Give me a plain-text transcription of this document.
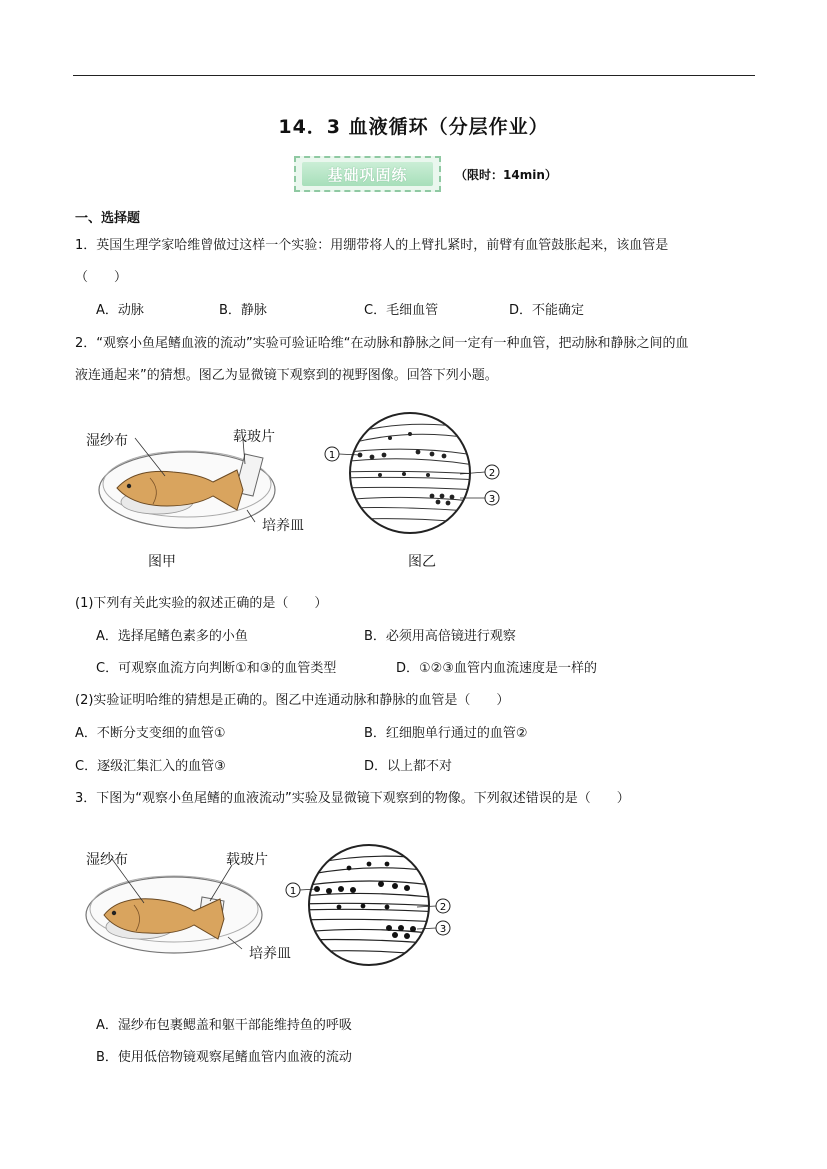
14．3 血液循环（分层作业）
基础巩固练	（限时：14min）
一、选择题
1．英国生理学家哈维曾做过这样一个实验：用绷带将人的上臂扎紧时，前臂有血管鼓胀起来，该血管是
（　　）
A．动脉	B．静脉	C．毛细血管	D．不能确定
2．“观察小鱼尾鳍血液的流动”实验可验证哈维“在动脉和静脉之间一定有一种血管，把动脉和静脉之间的血
液连通起来”的猜想。图乙为显微镜下观察到的视野图像。回答下列小题。
湿纱布	载玻片
培养皿
图甲
1
2
3
图乙
(1)下列有关此实验的叙述正确的是（　　）
A．选择尾鳍色素多的小鱼	B．必须用高倍镜进行观察
C．可观察血流方向判断①和③的血管类型	D．①②③血管内血流速度是一样的
(2)实验证明哈维的猜想是正确的。图乙中连通动脉和静脉的血管是（　　）
A．不断分支变细的血管①	B．红细胞单行通过的血管②
C．逐级汇集汇入的血管③	D．以上都不对
3．下图为“观察小鱼尾鳍的血液流动”实验及显微镜下观察到的物像。下列叙述错误的是（　　）
湿纱布	载玻片
培养皿
1
2
3
A．湿纱布包裹鳃盖和躯干部能维持鱼的呼吸
B．使用低倍物镜观察尾鳍血管内血液的流动
